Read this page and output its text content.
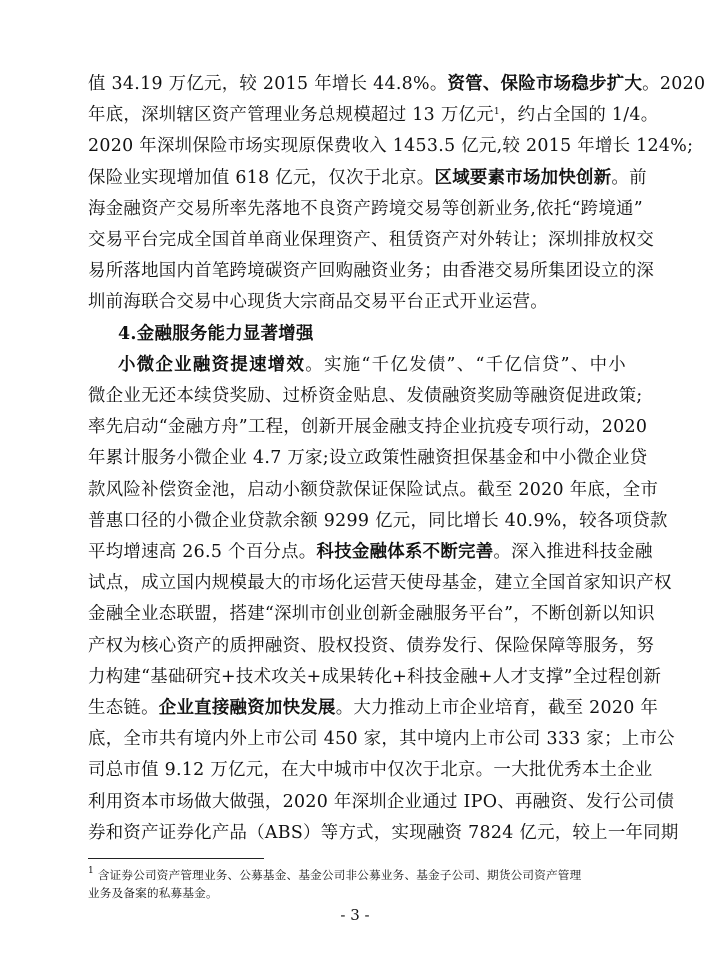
值 34.19 万亿元，较 2015 年增长 44.8%。资管、保险市场稳步扩大。2020
年底，深圳辖区资产管理业务总规模超过 13 万亿元$^1$，约占全国的 1/4。
2020 年深圳保险市场实现原保费收入 1453.5 亿元,较 2015 年增长 124%;
保险业实现增加值 618 亿元，仅次于北京。区域要素市场加快创新。前
海金融资产交易所率先落地不良资产跨境交易等创新业务,依托“跨境通”
交易平台完成全国首单商业保理资产、租赁资产对外转让；深圳排放权交
易所落地国内首笔跨境碳资产回购融资业务；由香港交易所集团设立的深
圳前海联合交易中心现货大宗商品交易平台正式开业运营。
4.金融服务能力显著增强
小微企业融资提速增效。实施“千亿发债”、“千亿信贷”、中小
微企业无还本续贷奖励、过桥资金贴息、发债融资奖励等融资促进政策;
率先启动“金融方舟”工程，创新开展金融支持企业抗疫专项行动，2020
年累计服务小微企业 4.7 万家;设立政策性融资担保基金和中小微企业贷
款风险补偿资金池，启动小额贷款保证保险试点。截至 2020 年底，全市
普惠口径的小微企业贷款余额 9299 亿元，同比增长 40.9%，较各项贷款
平均增速高 26.5 个百分点。科技金融体系不断完善。深入推进科技金融
试点，成立国内规模最大的市场化运营天使母基金，建立全国首家知识产权
金融全业态联盟，搭建“深圳市创业创新金融服务平台”，不断创新以知识
产权为核心资产的质押融资、股权投资、债券发行、保险保障等服务，努
力构建“基础研究+技术攻关+成果转化+科技金融+人才支撑”全过程创新
生态链。企业直接融资加快发展。大力推动上市企业培育，截至 2020 年
底，全市共有境内外上市公司 450 家，其中境内上市公司 333 家；上市公
司总市值 9.12 万亿元，在大中城市中仅次于北京。一大批优秀本土企业
利用资本市场做大做强，2020 年深圳企业通过 IPO、再融资、发行公司债
券和资产证券化产品（ABS）等方式，实现融资 7824 亿元，较上一年同期
$^1$ 含证券公司资产管理业务、公募基金、基金公司非公募业务、基金子公司、期货公司资产管理
业务及备案的私募基金。
- 3 -
